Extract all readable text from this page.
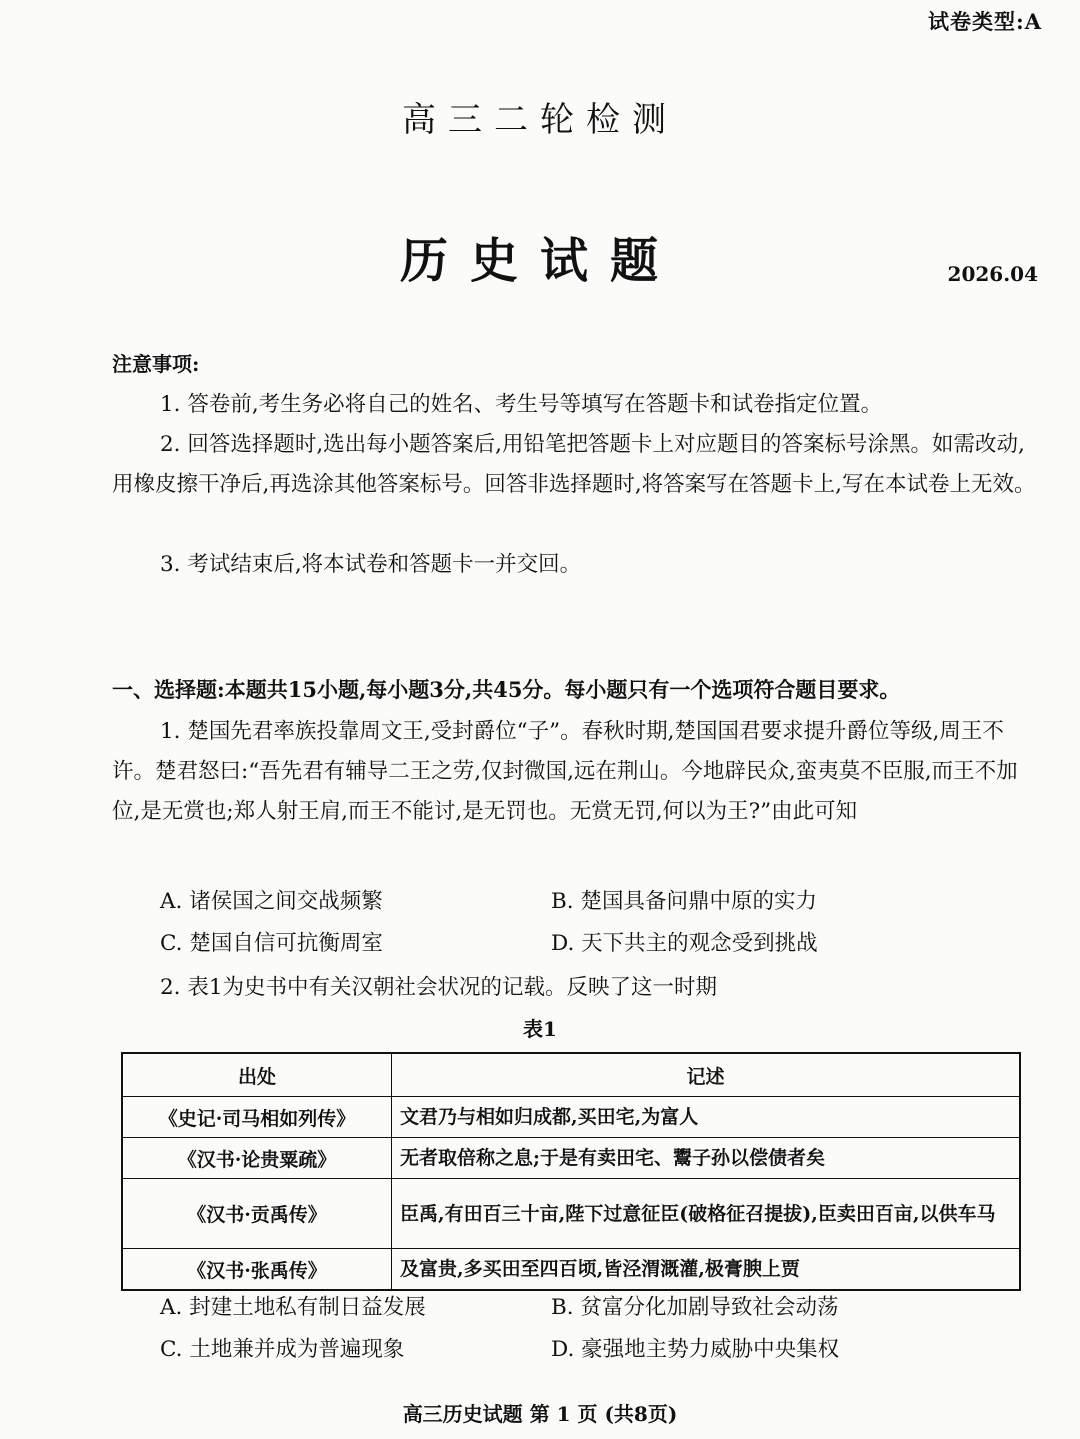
试卷类型:A
高三二轮检测
历史试题	2026.04
注意事项:
1. 答卷前,考生务必将自己的姓名、考生号等填写在答题卡和试卷指定位置。
2. 回答选择题时,选出每小题答案后,用铅笔把答题卡上对应题目的答案标号涂黑。如需改动,用橡皮擦干净后,再选涂其他答案标号。回答非选择题时,将答案写在答题卡上,写在本试卷上无效。
3. 考试结束后,将本试卷和答题卡一并交回。
一、选择题:本题共15小题,每小题3分,共45分。每小题只有一个选项符合题目要求。
1. 楚国先君率族投靠周文王,受封爵位“子”。春秋时期,楚国国君要求提升爵位等级,周王不许。楚君怒曰:“吾先君有辅导二王之劳,仅封微国,远在荆山。今地辟民众,蛮夷莫不臣服,而王不加位,是无赏也;郑人射王肩,而王不能讨,是无罚也。无赏无罚,何以为王?”由此可知
A. 诸侯国之间交战频繁	B. 楚国具备问鼎中原的实力
C. 楚国自信可抗衡周室	D. 天下共主的观念受到挑战
2. 表1为史书中有关汉朝社会状况的记载。反映了这一时期
表1
出处	记述
《史记·司马相如列传》	文君乃与相如归成都,买田宅,为富人
《汉书·论贵粟疏》	无者取倍称之息;于是有卖田宅、鬻子孙以偿债者矣
《汉书·贡禹传》	臣禹,有田百三十亩,陛下过意征臣(破格征召提拔),臣卖田百亩,以供车马
《汉书·张禹传》	及富贵,多买田至四百顷,皆泾渭溉灌,极膏腴上贾
A. 封建土地私有制日益发展	B. 贫富分化加剧导致社会动荡
C. 土地兼并成为普遍现象	D. 豪强地主势力威胁中央集权
高三历史试题 第 1 页 (共8页)
